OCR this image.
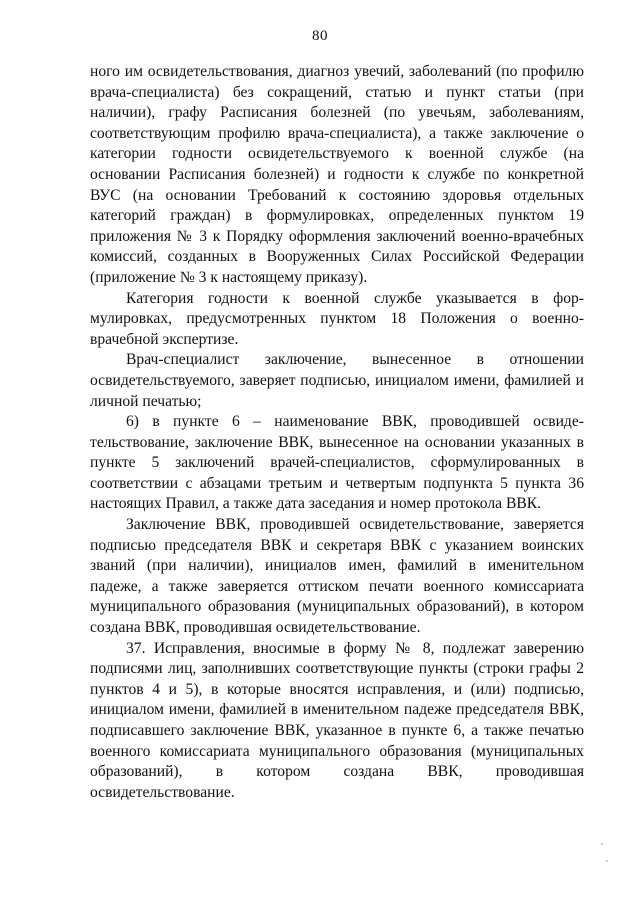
80

ного им освидетельствования, диагноз увечий, заболеваний (по профилю врача-специалиста) без сокращений, статью и пункт статьи (при наличии), графу Расписания болезней (по увечьям, заболеваниям, соответствующим профилю врача-специалиста), а также заключение о категории годности освидетельствуемого к военной службе (на основании Расписания болезней) и годности к службе по конкретной ВУС (на основании Требований к состоянию здоровья отдельных категорий граждан) в формулировках, определенных пунктом 19 приложения № 3 к Порядку оформления заключений военно-врачебных комиссий, созданных в Вооруженных Силах Российской Федерации (приложение № 3 к настоящему приказу).

Категория годности к военной службе указывается в формулировках, предусмотренных пунктом 18 Положения о военно-врачебной экспертизе.

Врач-специалист заключение, вынесенное в отношении освидетельствуемого, заверяет подписью, инициалом имени, фамилией и личной печатью;

6) в пункте 6 – наименование ВВК, проводившей освидетельствование, заключение ВВК, вынесенное на основании указанных в пункте 5 заключений врачей-специалистов, сформулированных в соответствии с абзацами третьим и четвертым подпункта 5 пункта 36 настоящих Правил, а также дата заседания и номер протокола ВВК.

Заключение ВВК, проводившей освидетельствование, заверяется подписью председателя ВВК и секретаря ВВК с указанием воинских званий (при наличии), инициалов имен, фамилий в именительном падеже, а также заверяется оттиском печати военного комиссариата муниципального образования (муниципальных образований), в котором создана ВВК, проводившая освидетельствование.

37. Исправления, вносимые в форму № 8, подлежат заверению подписями лиц, заполнивших соответствующие пункты (строки графы 2 пунктов 4 и 5), в которые вносятся исправления, и (или) подписью, инициалом имени, фамилией в именительном падеже председателя ВВК, подписавшего заключение ВВК, указанное в пункте 6, а также печатью военного комиссариата муниципального образования (муниципальных образований), в котором создана ВВК, проводившая освидетельствование.
